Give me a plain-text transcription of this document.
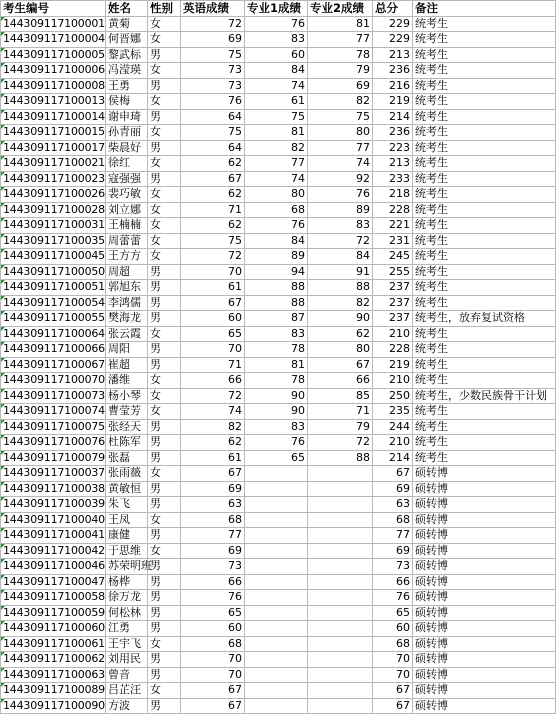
考生编号	姓名	性别	英语成绩	专业1成绩	专业2成绩	总分	备注

144309117100001	黄菊	女	72	76	81	229	统考生

144309117100004	何晋娜	女	69	83	77	229	统考生

144309117100005	黎武标	男	75	60	78	213	统考生

144309117100006	冯滢瑛	女	73	84	79	236	统考生

144309117100008	王勇	男	73	74	69	216	统考生

144309117100013	侯梅	女	76	61	82	219	统考生

144309117100014	谢申琦	男	64	75	75	214	统考生

144309117100015	孙青丽	女	75	81	80	236	统考生

144309117100017	柴晨好	男	64	82	77	223	统考生

144309117100021	徐红	女	62	77	74	213	统考生

144309117100023	寇强强	男	67	74	92	233	统考生

144309117100026	裴巧敏	女	62	80	76	218	统考生

144309117100028	刘立娜	女	71	68	89	228	统考生

144309117100031	王楠楠	女	62	76	83	221	统考生

144309117100035	周蕾蕾	女	75	84	72	231	统考生

144309117100045	王方方	女	72	89	84	245	统考生

144309117100050	周超	男	70	94	91	255	统考生

144309117100051	郭旭东	男	61	88	88	237	统考生

144309117100054	李鸿儒	男	67	88	82	237	统考生

144309117100055	樊海龙	男	60	87	90	237	统考生，放弃复试资格

144309117100064	张云霞	女	65	83	62	210	统考生

144309117100066	周阳	男	70	78	80	228	统考生

144309117100067	崔超	男	71	81	67	219	统考生

144309117100070	潘维	女	66	78	66	210	统考生

144309117100073	杨小琴	女	72	90	85	250	统考生，少数民族骨干计划

144309117100074	曹莹芳	女	74	90	71	235	统考生

144309117100075	张经天	男	82	83	79	244	统考生

144309117100076	杜陈军	男	62	76	72	210	统考生

144309117100079	张磊	男	61	65	88	214	统考生

144309117100037	张雨薇	女	67			67	硕转博

144309117100038	黄敏恒	男	69			69	硕转博

144309117100039	朱飞	男	63			63	硕转博

144309117100040	王凤	女	68			68	硕转博

144309117100041	康健	男	77			77	硕转博

144309117100042	于思维	女	69			69	硕转博

144309117100046	苏荣明班	男	73			73	硕转博

144309117100047	杨桦	男	66			66	硕转博

144309117100058	徐万龙	男	76			76	硕转博

144309117100059	何松林	男	65			65	硕转博

144309117100060	江勇	男	60			60	硕转博

144309117100061	王宇飞	女	68			68	硕转博

144309117100062	刘用民	男	70			70	硕转博

144309117100063	曾音	男	70			70	硕转博

144309117100089	吕芷汪	女	67			67	硕转博

144309117100090	方波	男	67			67	硕转博
